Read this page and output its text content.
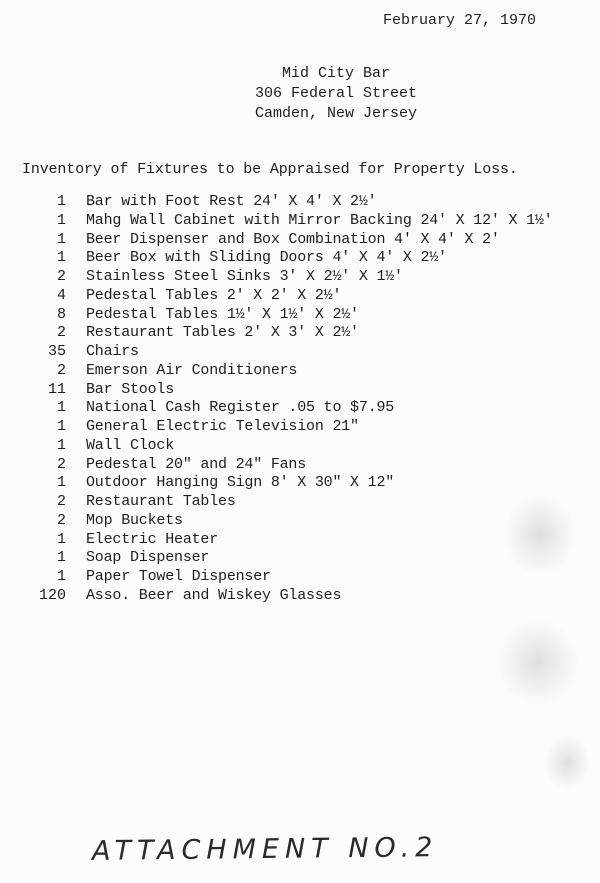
February 27, 1970
Mid City Bar
306 Federal Street
Camden, New Jersey
Inventory of Fixtures to be Appraised for Property Loss.
1	Bar with Foot Rest 24' X 4' X 2½'
1	Mahg Wall Cabinet with Mirror Backing 24' X 12' X 1½'
1	Beer Dispenser and Box Combination 4' X 4' X 2'
1	Beer Box with Sliding Doors 4' X 4' X 2½'
2	Stainless Steel Sinks 3' X 2½' X 1½'
4	Pedestal Tables 2' X 2' X 2½'
8	Pedestal Tables 1½' X 1½' X 2½'
2	Restaurant Tables 2' X 3' X 2½'
35	Chairs
2	Emerson Air Conditioners
11	Bar Stools
1	National Cash Register .05 to $7.95
1	General Electric Television 21"
1	Wall Clock
2	Pedestal 20" and 24" Fans
1	Outdoor Hanging Sign 8' X 30" X 12"
2	Restaurant Tables
2	Mop Buckets
1	Electric Heater
1	Soap Dispenser
1	Paper Towel Dispenser
120	Asso. Beer and Wiskey Glasses
ATTACHMENT NO.2
